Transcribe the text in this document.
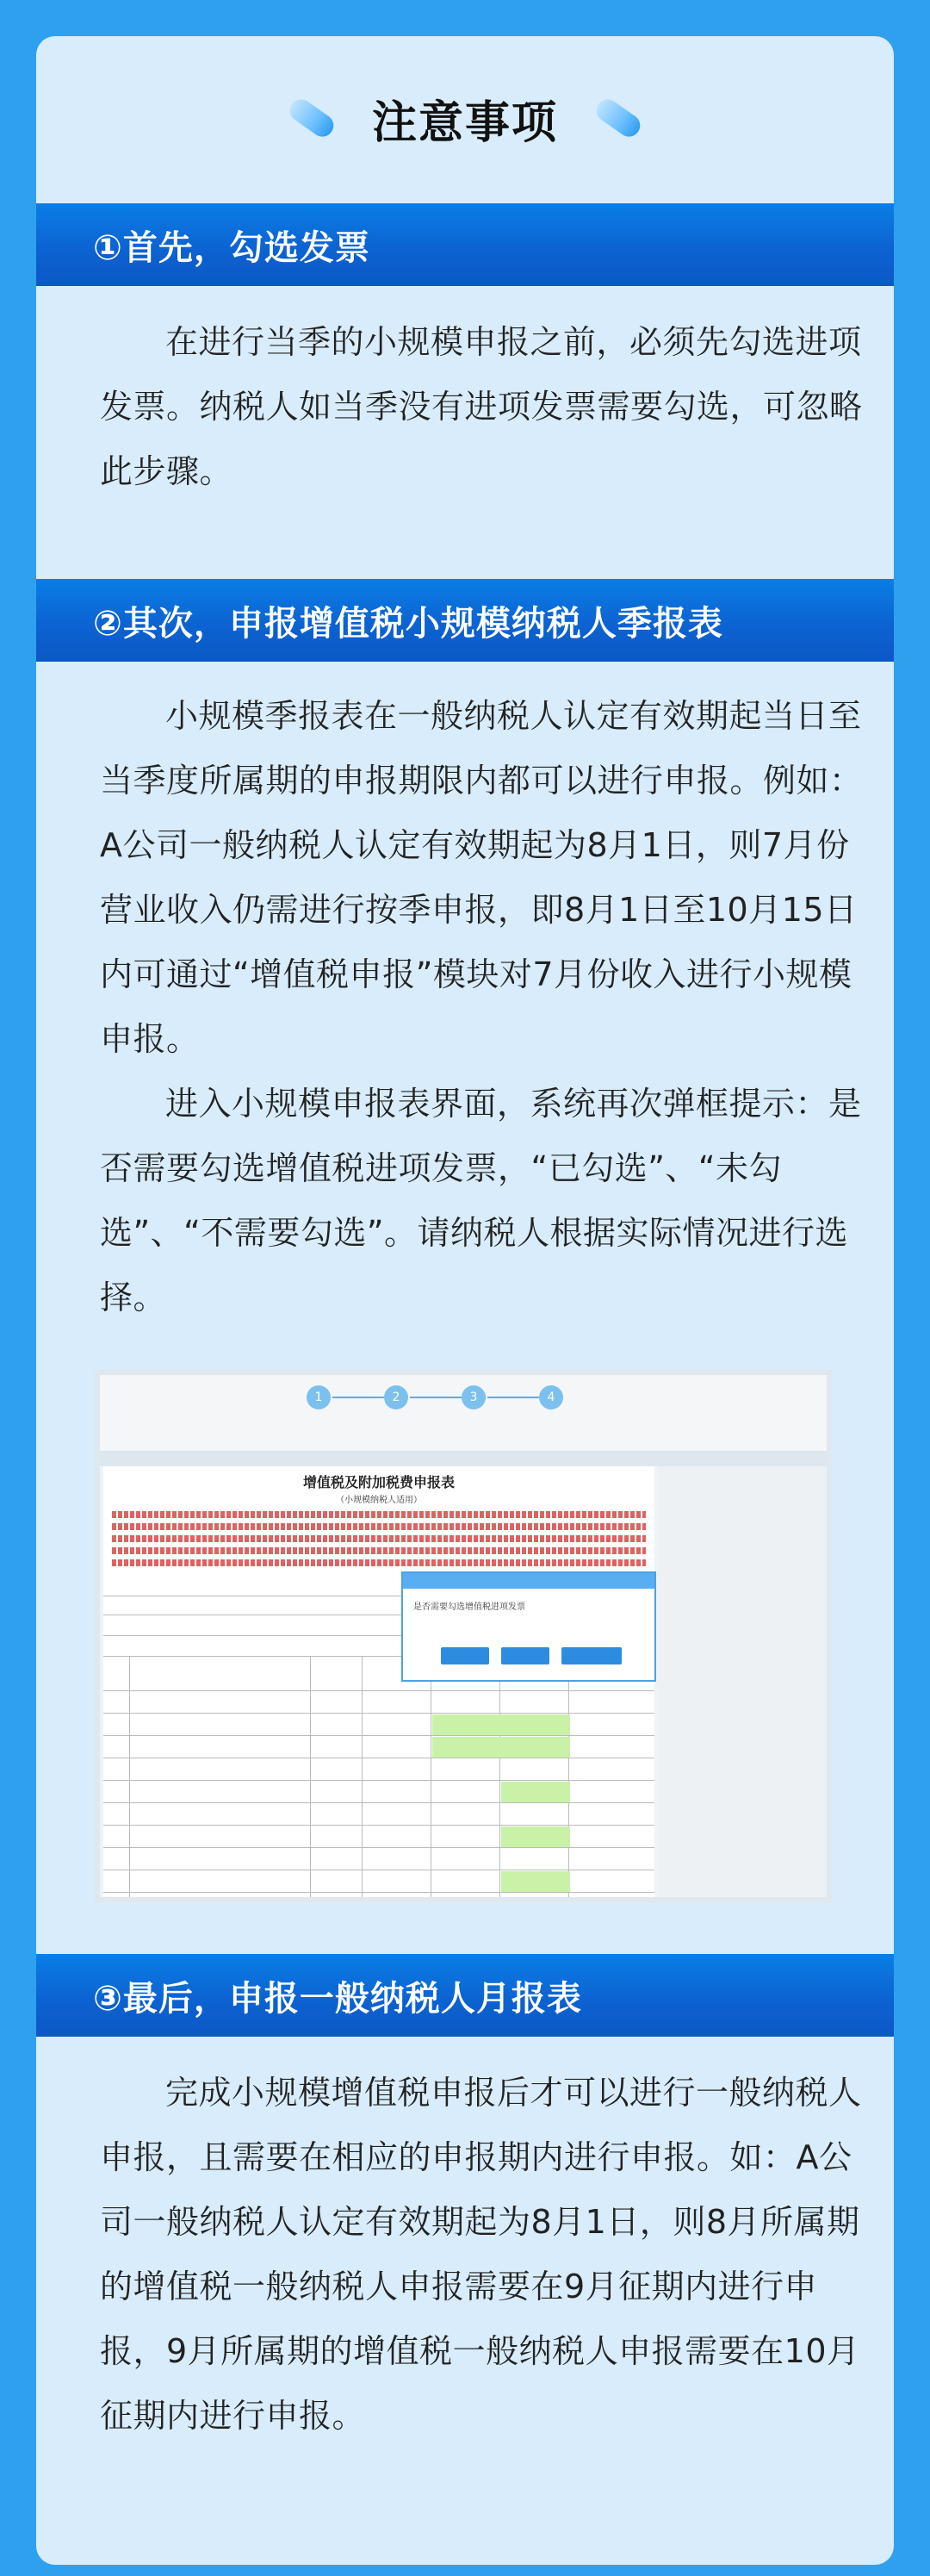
注意事项
①首先，勾选发票

在进行当季的小规模申报之前，必须先勾选进项发票。纳税人如当季没有进项发票需要勾选，可忽略此步骤。

②其次，申报增值税小规模纳税人季报表

小规模季报表在一般纳税人认定有效期起当日至当季度所属期的申报期限内都可以进行申报。例如：A公司一般纳税人认定有效期起为8月1日，则7月份营业收入仍需进行按季申报，即8月1日至10月15日内可通过“增值税申报”模块对7月份收入进行小规模申报。

进入小规模申报表界面，系统再次弹框提示：是否需要勾选增值税进项发票，“已勾选”、“未勾选”、“不需要勾选”。请纳税人根据实际情况进行选择。

1	2	3	4
增值税及附加税费申报表
（小规模纳税人适用）
是否需要勾选增值税进项发票
③最后，申报一般纳税人月报表

完成小规模增值税申报后才可以进行一般纳税人申报，且需要在相应的申报期内进行申报。如：A公司一般纳税人认定有效期起为8月1日，则8月所属期的增值税一般纳税人申报需要在9月征期内进行申报，9月所属期的增值税一般纳税人申报需要在10月征期内进行申报。
